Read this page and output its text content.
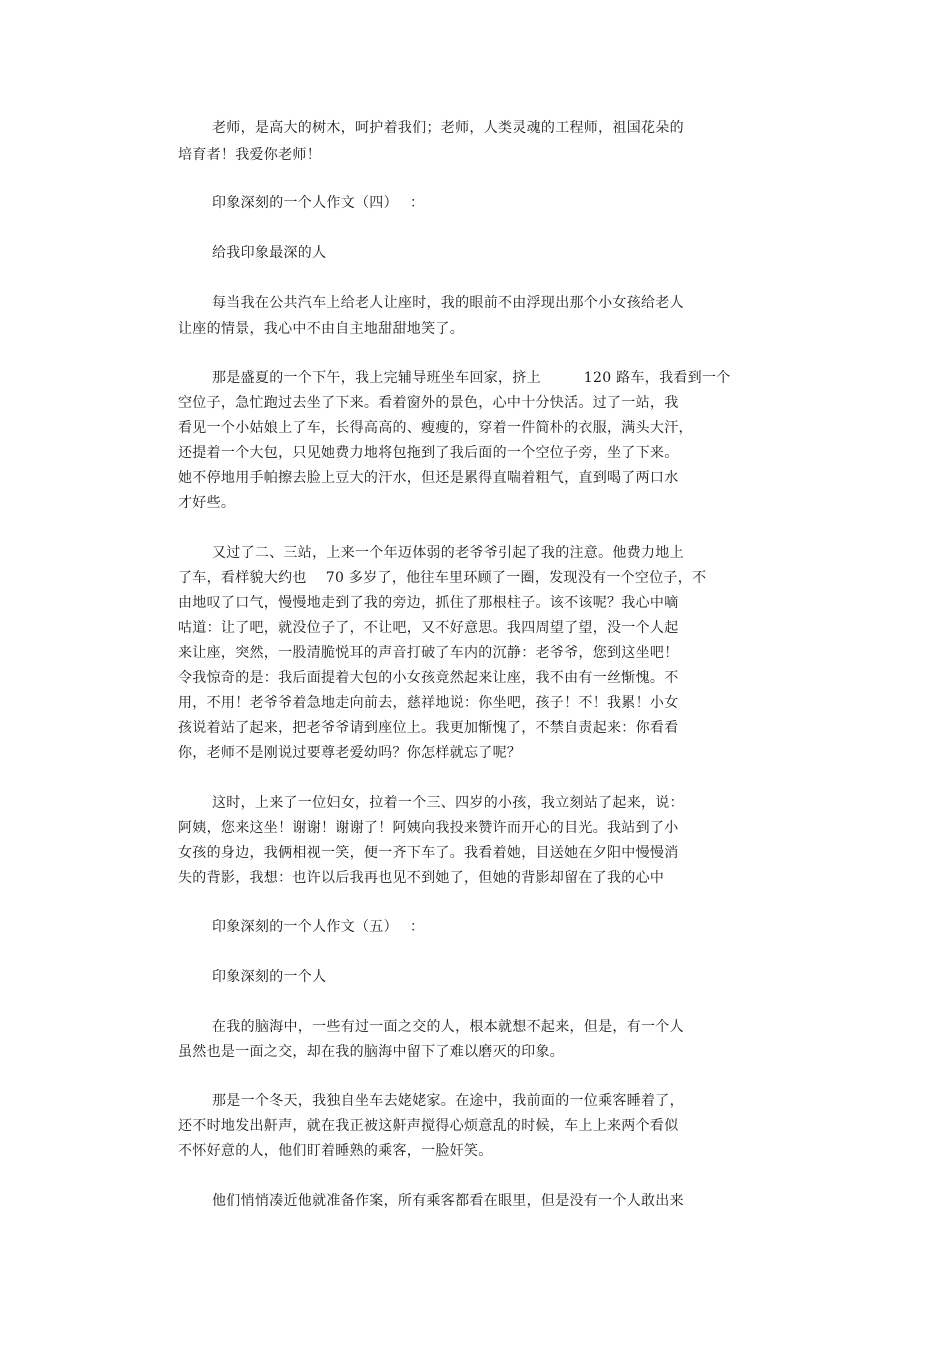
老师，是高大的树木，呵护着我们；老师，人类灵魂的工程师，祖国花朵的
培育者！我爱你老师！
印象深刻的一个人作文（四）　 ：
给我印象最深的人
每当我在公共汽车上给老人让座时，我的眼前不由浮现出那个小女孩给老人
让座的情景，我心中不由自主地甜甜地笑了。
那是盛夏的一个下午，我上完辅导班坐车回家，挤上　　　120 路车，我看到一个
空位子，急忙跑过去坐了下来。看着窗外的景色，心中十分快活。过了一站，我
看见一个小姑娘上了车，长得高高的、瘦瘦的，穿着一件简朴的衣服，满头大汗，
还提着一个大包，只见她费力地将包拖到了我后面的一个空位子旁，坐了下来。
她不停地用手帕擦去脸上豆大的汗水，但还是累得直喘着粗气，直到喝了两口水
才好些。
又过了二、三站，上来一个年迈体弱的老爷爷引起了我的注意。他费力地上
了车，看样貌大约也　 70 多岁了，他往车里环顾了一圈，发现没有一个空位子，不
由地叹了口气，慢慢地走到了我的旁边，抓住了那根柱子。该不该呢？我心中嘀
咕道：让了吧，就没位子了，不让吧，又不好意思。我四周望了望，没一个人起
来让座，突然，一股清脆悦耳的声音打破了车内的沉静：老爷爷，您到这坐吧！
令我惊奇的是：我后面提着大包的小女孩竟然起来让座，我不由有一丝惭愧。不
用，不用！老爷爷着急地走向前去，慈祥地说：你坐吧，孩子！不！我累！小女
孩说着站了起来，把老爷爷请到座位上。我更加惭愧了，不禁自责起来：你看看
你，老师不是刚说过要尊老爱幼吗？你怎样就忘了呢？
这时，上来了一位妇女，拉着一个三、四岁的小孩，我立刻站了起来，说：
阿姨，您来这坐！谢谢！谢谢了！阿姨向我投来赞许而开心的目光。我站到了小
女孩的身边，我俩相视一笑，便一齐下车了。我看着她，目送她在夕阳中慢慢消
失的背影，我想：也许以后我再也见不到她了，但她的背影却留在了我的心中
印象深刻的一个人作文（五）　 ：
印象深刻的一个人
在我的脑海中，一些有过一面之交的人，根本就想不起来，但是，有一个人
虽然也是一面之交，却在我的脑海中留下了难以磨灭的印象。
那是一个冬天，我独自坐车去姥姥家。在途中，我前面的一位乘客睡着了，
还不时地发出鼾声，就在我正被这鼾声搅得心烦意乱的时候，车上上来两个看似
不怀好意的人，他们盯着睡熟的乘客，一脸奸笑。
他们悄悄凑近他就准备作案，所有乘客都看在眼里，但是没有一个人敢出来
